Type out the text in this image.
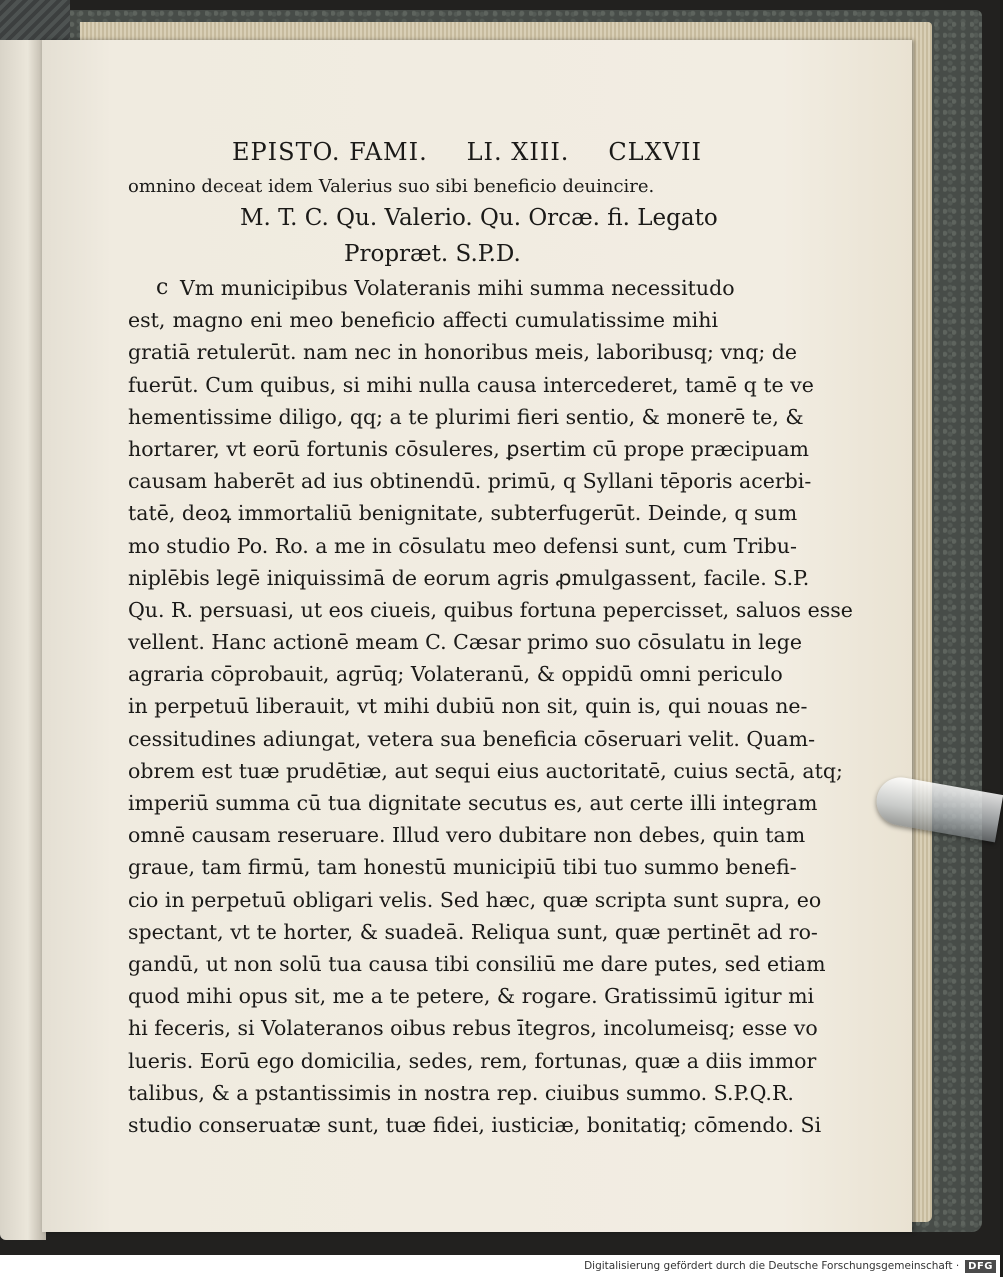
EPISTO. FAMI. LI. XIII. CLXVII
omnino deceat idem Valerius suo sibi beneficio deuincire.
M. T. C. Qu. Valerio. Qu. Orcæ. fi. Legato
Propræt. S.P.D.
c Vm municipibus Volateranis mihi summa necessitudo
est, magno eni meo beneficio affecti cumulatissime mihi
gratiā retulerūt. nam nec in honoribus meis, laboribusq; vnq; de
fuerūt. Cum quibus, si mihi nulla causa intercederet, tamē q te ve
hementissime diligo, qq; a te plurimi fieri sentio, & monerē te, &
hortarer, vt eorū fortunis cōsuleres, ꝑsertim cū prope præcipuam
causam haberēt ad ius obtinendū. primū, q Syllani tēporis acerbi-
tatē, deoꝝ immortaliū benignitate, subterfugerūt. Deinde, q sum
mo studio Po. Ro. a me in cōsulatu meo defensi sunt, cum Tribu-
niplēbis legē iniquissimā de eorum agris ꝓmulgassent, facile. S.P.
Qu. R. persuasi, ut eos ciueis, quibus fortuna pepercisset, saluos esse
vellent. Hanc actionē meam C. Cæsar primo suo cōsulatu in lege
agraria cōprobauit, agrūq; Volateranū, & oppidū omni periculo
in perpetuū liberauit, vt mihi dubiū non sit, quin is, qui nouas ne-
cessitudines adiungat, vetera sua beneficia cōseruari velit. Quam-
obrem est tuæ prudētiæ, aut sequi eius auctoritatē, cuius sectā, atq;
imperiū summa cū tua dignitate secutus es, aut certe illi integram
omnē causam reseruare. Illud vero dubitare non debes, quin tam
graue, tam firmū, tam honestū municipiū tibi tuo summo benefi-
cio in perpetuū obligari velis. Sed hæc, quæ scripta sunt supra, eo
spectant, vt te horter, & suadeā. Reliqua sunt, quæ pertinēt ad ro-
gandū, ut non solū tua causa tibi consiliū me dare putes, sed etiam
quod mihi opus sit, me a te petere, & rogare. Gratissimū igitur mi
hi feceris, si Volateranos oibus rebus ītegros, incolumeisq; esse vo
lueris. Eorū ego domicilia, sedes, rem, fortunas, quæ a diis immor
talibus, & a pstantissimis in nostra rep. ciuibus summo. S.P.Q.R.
studio conseruatæ sunt, tuæ fidei, iusticiæ, bonitatiq; cōmendo. Si
Digitalisierung gefördert durch die Deutsche Forschungsgemeinschaft · DFG
